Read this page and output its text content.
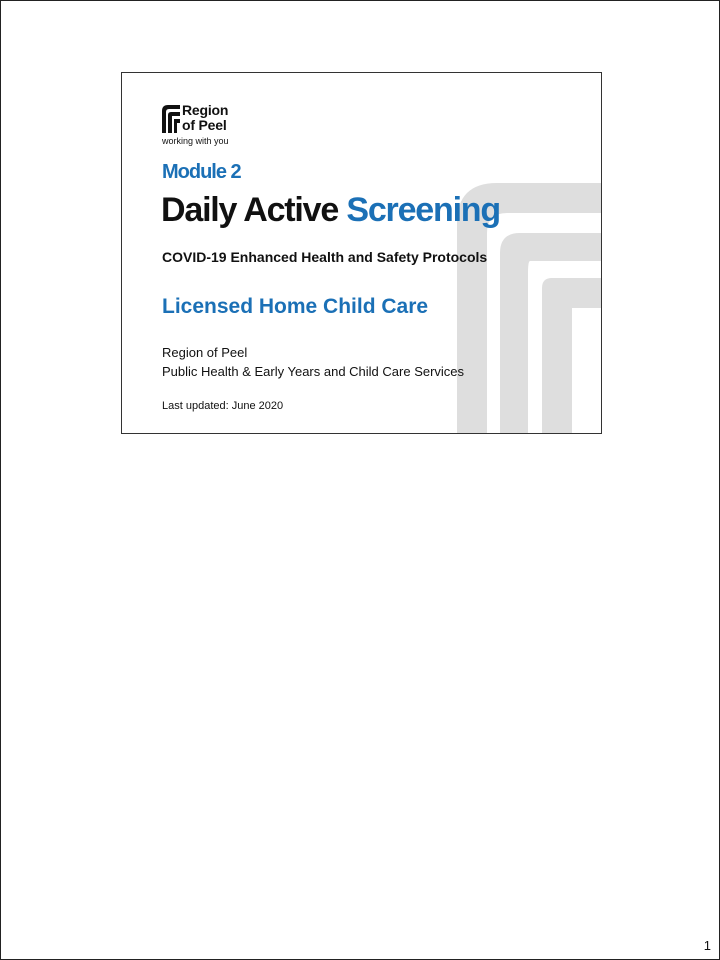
Region
of Peel
working with you
Module 2
Daily Active Screening
COVID-19 Enhanced Health and Safety Protocols
Licensed Home Child Care
Region of Peel
Public Health & Early Years and Child Care Services
Last updated: June 2020
1
